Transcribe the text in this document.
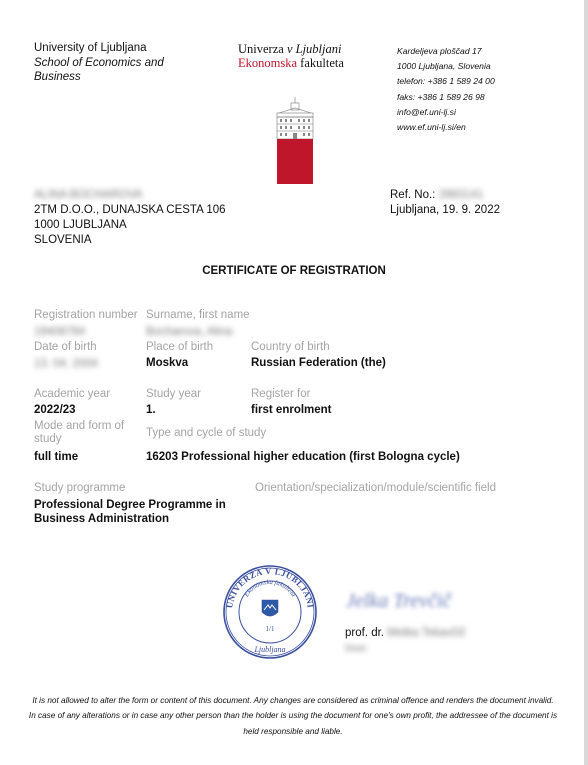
University of Ljubljana
School of Economics and
Business
Univerza v Ljubljani
Ekonomska fakulteta
Kardeljeva ploščad 17
1000 Ljubljana, Slovenia
telefon: +386 1 589 24 00
faks: +386 1 589 26 98
info@ef.uni-lj.si
www.ef.uni-lj.si/en
ALINA BOCHAROVA
2TM D.O.O., DUNAJSKA CESTA 106
1000 LJUBLJANA
SLOVENIA
Ref. No.: 2883141
Ljubljana, 19. 9. 2022
CERTIFICATE OF REGISTRATION
Registration number
19408784
Surname, first name
Bocharova, Alina
Date of birth
13. 04. 2004
Place of birth
Moskva
Country of birth
Russian Federation (the)
Academic year
2022/23
Study year
1.
Register for
first enrolment
Mode and form of
study
full time
Type and cycle of study
16203 Professional higher education (first Bologna cycle)
Study programme
Professional Degree Programme in
Business Administration
Orientation/specialization/module/scientific field
UNIVERZA V LJUBLJANI
Ekonomska fakulteta
1/1
Ljubljana
Jelka Trevčič
prof. dr. Metka Tekavčič
Dean
It is not allowed to alter the form or content of this document. Any changes are considered as criminal offence and renders the document invalid. In case of any alterations or in case any other person than the holder is using the document for one's own profit, the addressee of the document is held responsible and liable.
